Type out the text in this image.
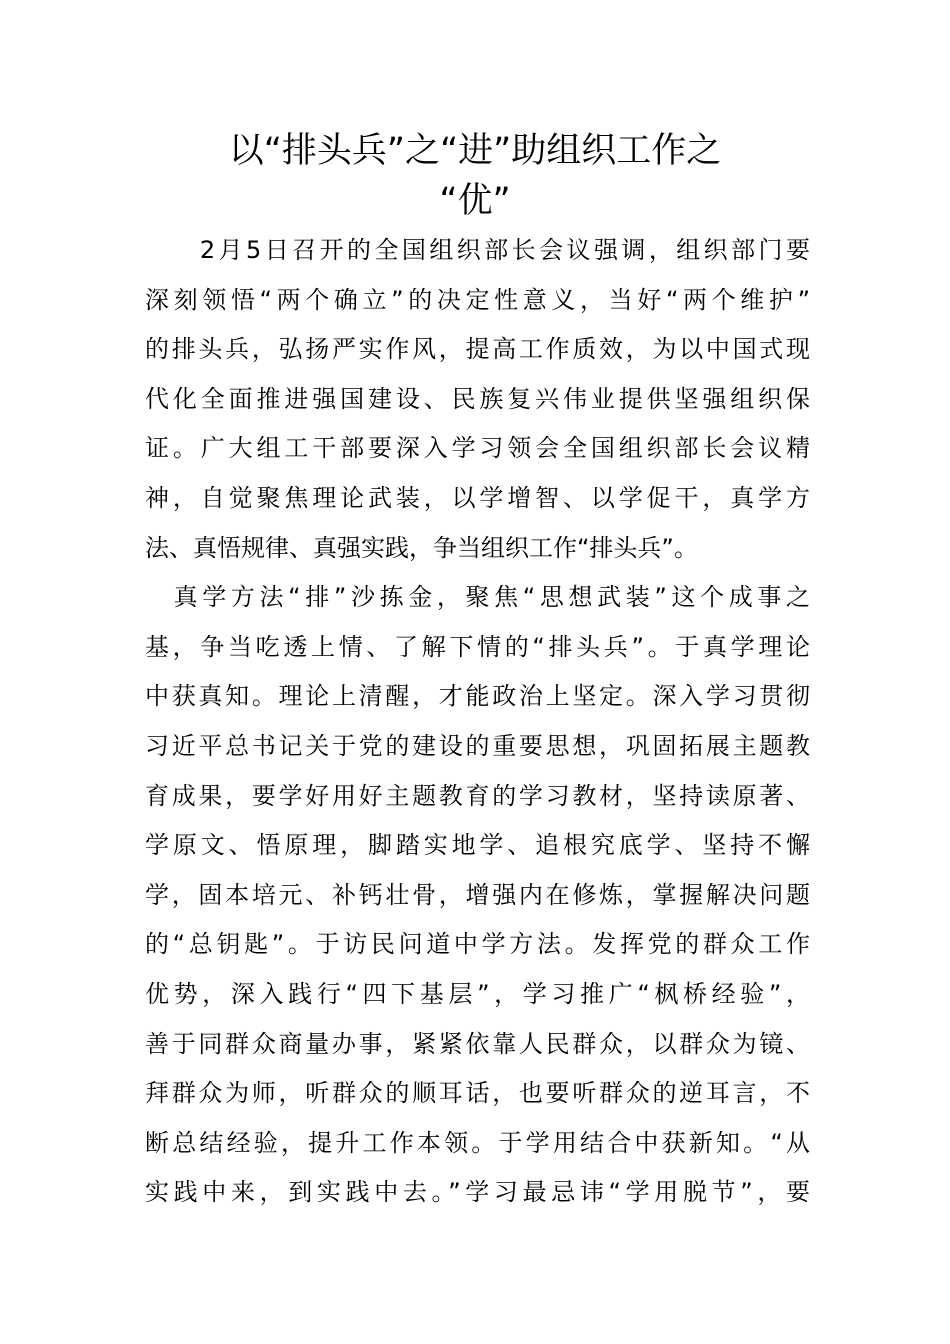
以“排头兵”之“进”助组织工作之
“优”
　　2月5日召开的全国组织部长会议强调，组织部门要
深刻领悟“两个确立”的决定性意义，当好“两个维护”
的排头兵，弘扬严实作风，提高工作质效，为以中国式现
代化全面推进强国建设、民族复兴伟业提供坚强组织保
证。广大组工干部要深入学习领会全国组织部长会议精
神，自觉聚焦理论武装，以学增智、以学促干，真学方
法、真悟规律、真强实践，争当组织工作“排头兵”。
　真学方法“排”沙拣金，聚焦“思想武装”这个成事之
基，争当吃透上情、了解下情的“排头兵”。于真学理论
中获真知。理论上清醒，才能政治上坚定。深入学习贯彻
习近平总书记关于党的建设的重要思想，巩固拓展主题教
育成果，要学好用好主题教育的学习教材，坚持读原著、
学原文、悟原理，脚踏实地学、追根究底学、坚持不懈
学，固本培元、补钙壮骨，增强内在修炼，掌握解决问题
的“总钥匙”。于访民问道中学方法。发挥党的群众工作
优势，深入践行“四下基层”，学习推广“枫桥经验”，
善于同群众商量办事，紧紧依靠人民群众，以群众为镜、
拜群众为师，听群众的顺耳话，也要听群众的逆耳言，不
断总结经验，提升工作本领。于学用结合中获新知。“从
实践中来，到实践中去。”学习最忌讳“学用脱节”，要
